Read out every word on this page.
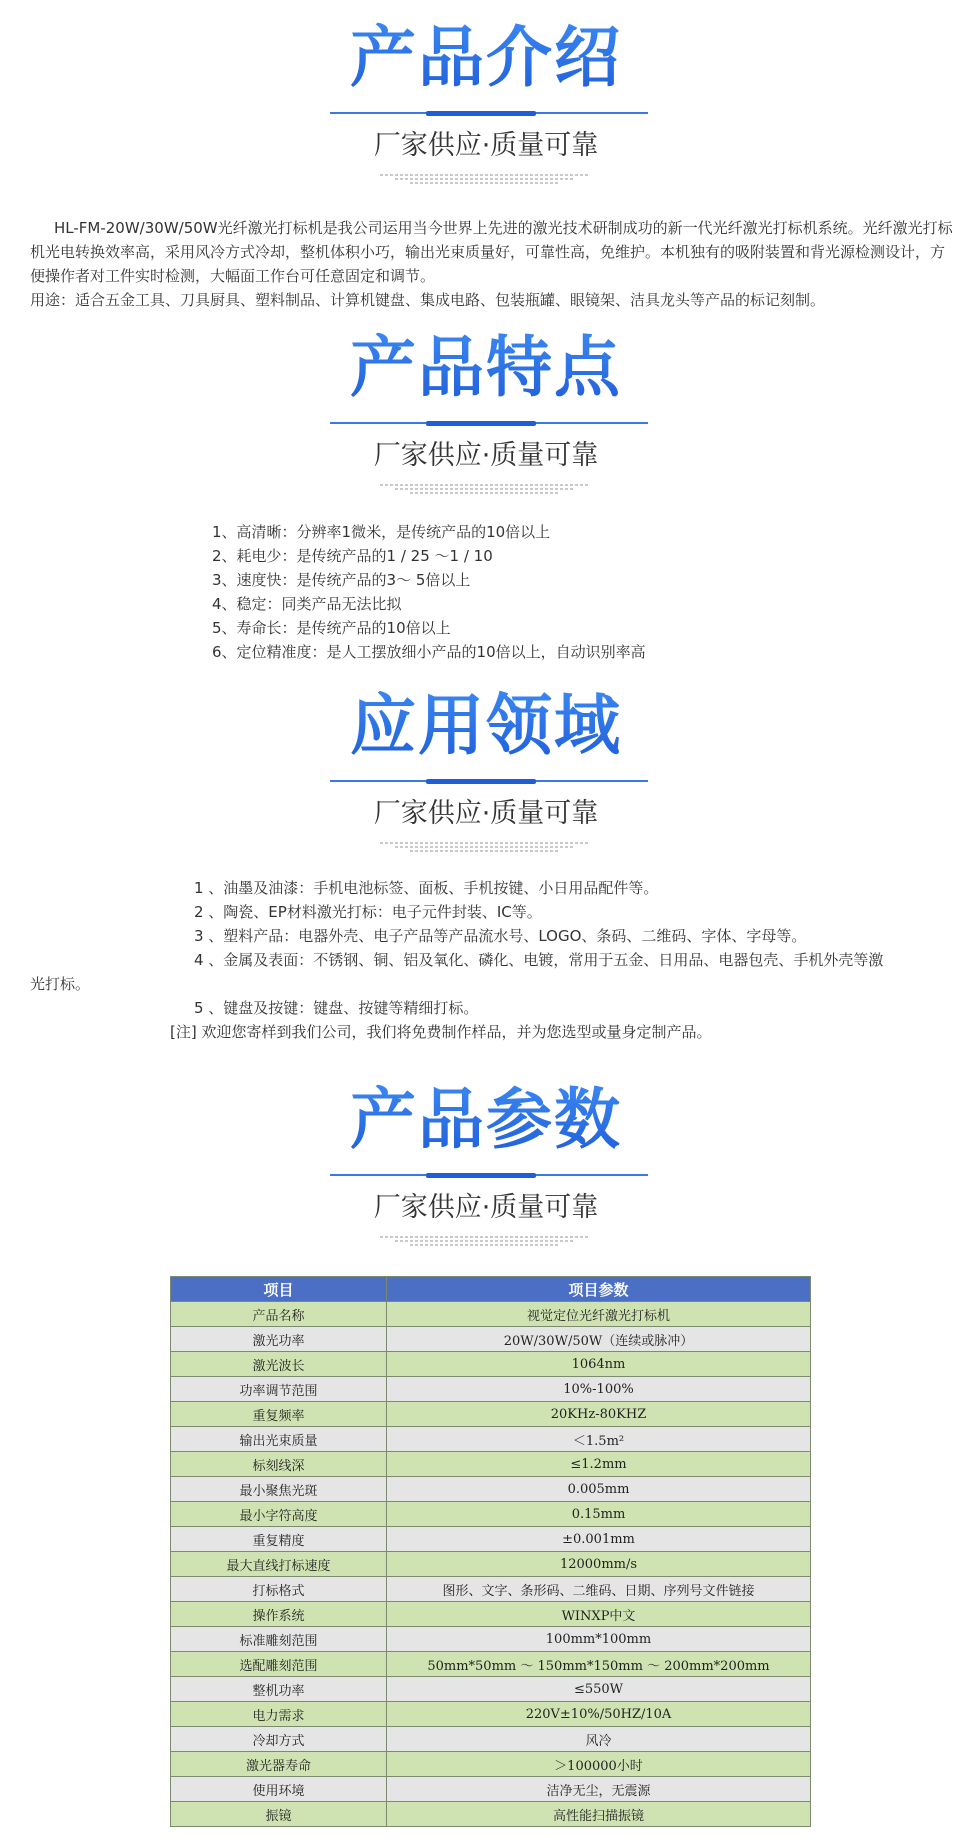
产品介绍
厂家供应·质量可靠
HL-FM-20W/30W/50W光纤激光打标机是我公司运用当今世界上先进的激光技术研制成功的新一代光纤激光打标机系统。光纤激光打标机光电转换效率高，采用风冷方式冷却，整机体积小巧，输出光束质量好，可靠性高，免维护。本机独有的吸附装置和背光源检测设计，方便操作者对工件实时检测，大幅面工作台可任意固定和调节。
用途：适合五金工具、刀具厨具、塑料制品、计算机键盘、集成电路、包装瓶罐、眼镜架、洁具龙头等产品的标记刻制。
产品特点
厂家供应·质量可靠
1、高清晰：分辨率1微米，是传统产品的10倍以上
2、耗电少：是传统产品的1 / 25 ～1 / 10
3、速度快：是传统产品的3～ 5倍以上
4、稳定：同类产品无法比拟
5、寿命长：是传统产品的10倍以上
6、定位精准度：是人工摆放细小产品的10倍以上，自动识别率高
应用领域
厂家供应·质量可靠
1 、油墨及油漆：手机电池标签、面板、手机按键、小日用品配件等。
2 、陶瓷、EP材料激光打标：电子元件封装、IC等。
3 、塑料产品：电器外壳、电子产品等产品流水号、LOGO、条码、二维码、字体、字母等。
4 、金属及表面：不锈钢、铜、铝及氧化、磷化、电镀，常用于五金、日用品、电器包壳、手机外壳等激
光打标。
5 、键盘及按键：键盘、按键等精细打标。
[注] 欢迎您寄样到我们公司，我们将免费制作样品，并为您选型或量身定制产品。
产品参数
厂家供应·质量可靠
项目	项目参数
产品名称	视觉定位光纤激光打标机
激光功率	20W/30W/50W（连续或脉冲）
激光波长	1064nm
功率调节范围	10%-100%
重复频率	20KHz-80KHZ
输出光束质量	＜1.5m²
标刻线深	≤1.2mm
最小聚焦光斑	0.005mm
最小字符高度	0.15mm
重复精度	±0.001mm
最大直线打标速度	12000mm/s
打标格式	图形、文字、条形码、二维码、日期、序列号文件链接
操作系统	WINXP中文
标准雕刻范围	100mm*100mm
选配雕刻范围	50mm*50mm ～ 150mm*150mm ～ 200mm*200mm
整机功率	≤550W
电力需求	220V±10%/50HZ/10A
冷却方式	风冷
激光器寿命	＞100000小时
使用环境	洁净无尘，无震源
振镜	高性能扫描振镜
